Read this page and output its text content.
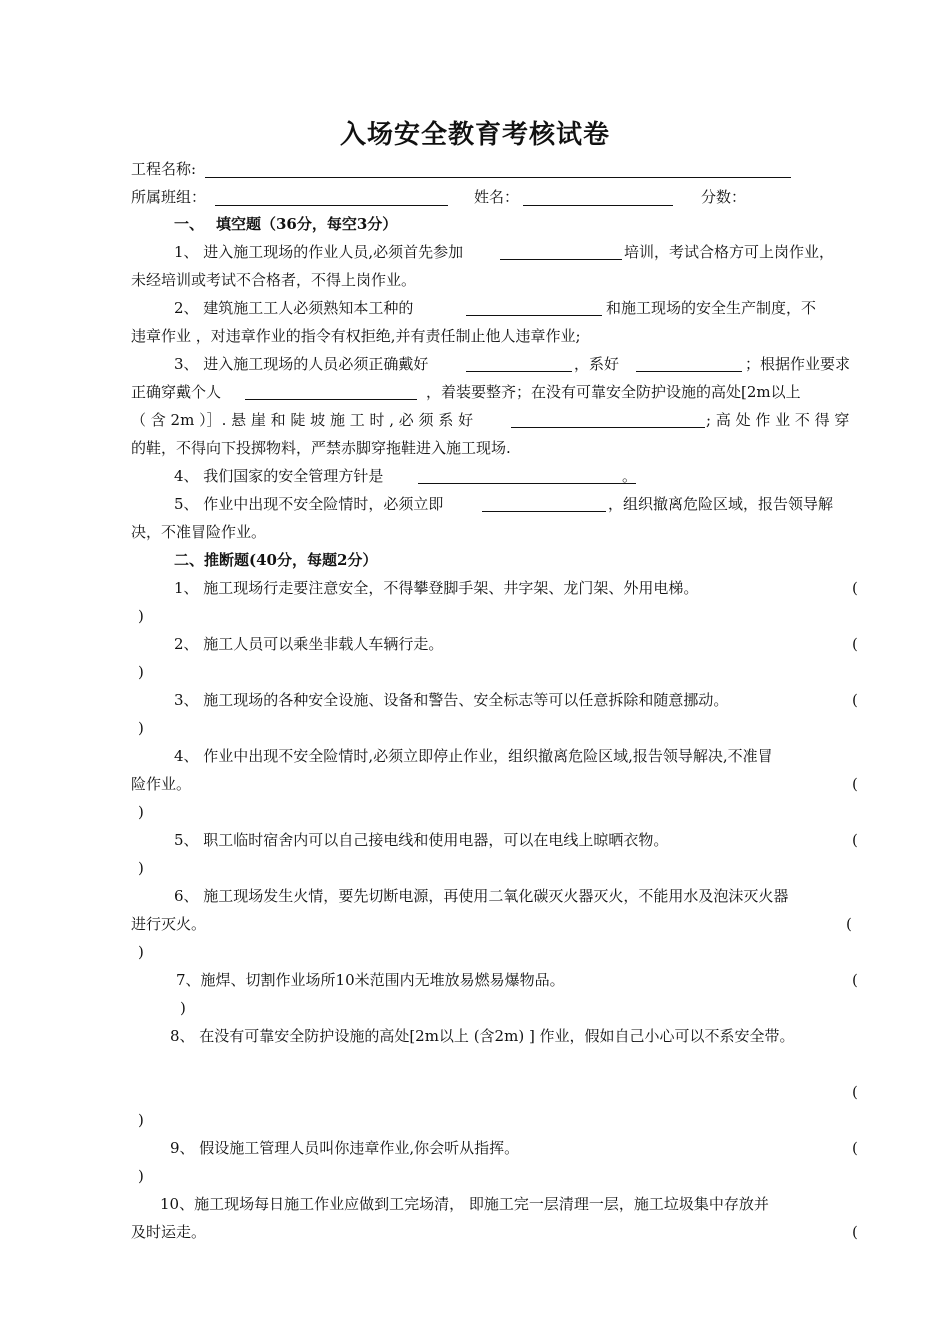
入场安全教育考核试卷
工程名称:
所属班组：	姓名：	分数：
一、 填空题（36分，每空3分）
1、 进入施工现场的作业人员,必须首先参加	培训，考试合格方可上岗作业，
未经培训或考试不合格者，不得上岗作业。
2、 建筑施工工人必须熟知本工种的	和施工现场的安全生产制度，不
违章作业 ，对违章作业的指令有权拒绝,并有责任制止他人违章作业;
3、 进入施工现场的人员必须正确戴好	，系好	；根据作业要求
正确穿戴个人	，着装要整齐；在没有可靠安全防护设施的高处[2m以上
（ 含 2m ）］. 悬 崖 和 陡 坡 施 工 时 , 必 须 系 好	; 高 处 作 业 不 得 穿
的鞋，不得向下投掷物料，严禁赤脚穿拖鞋进入施工现场.
4、 我们国家的安全管理方针是	。
5、 作业中出现不安全险情时，必须立即	，组织撤离危险区域，报告领导解
决，不准冒险作业。
二、推断题(40分，每题2分）
1、 施工现场行走要注意安全，不得攀登脚手架、井字架、龙门架、外用电梯。	(
)
2、 施工人员可以乘坐非载人车辆行走。	(
)
3、 施工现场的各种安全设施、设备和警告、安全标志等可以任意拆除和随意挪动。	(
)
4、 作业中出现不安全险情时,必须立即停止作业，组织撤离危险区域,报告领导解决,不准冒
险作业。	(
)
5、 职工临时宿舍内可以自己接电线和使用电器，可以在电线上晾晒衣物。	(
)
6、 施工现场发生火情，要先切断电源，再使用二氧化碳灭火器灭火，不能用水及泡沫灭火器
进行灭火。	(
)
7、施焊、切割作业场所10米范围内无堆放易燃易爆物品。	(
)
8、 在没有可靠安全防护设施的高处[2m以上 (含2m) ] 作业，假如自己小心可以不系安全带。
(
)
9、 假设施工管理人员叫你违章作业,你会听从指挥。	(
)
10、施工现场每日施工作业应做到工完场清， 即施工完一层清理一层，施工垃圾集中存放并
及时运走。	(
